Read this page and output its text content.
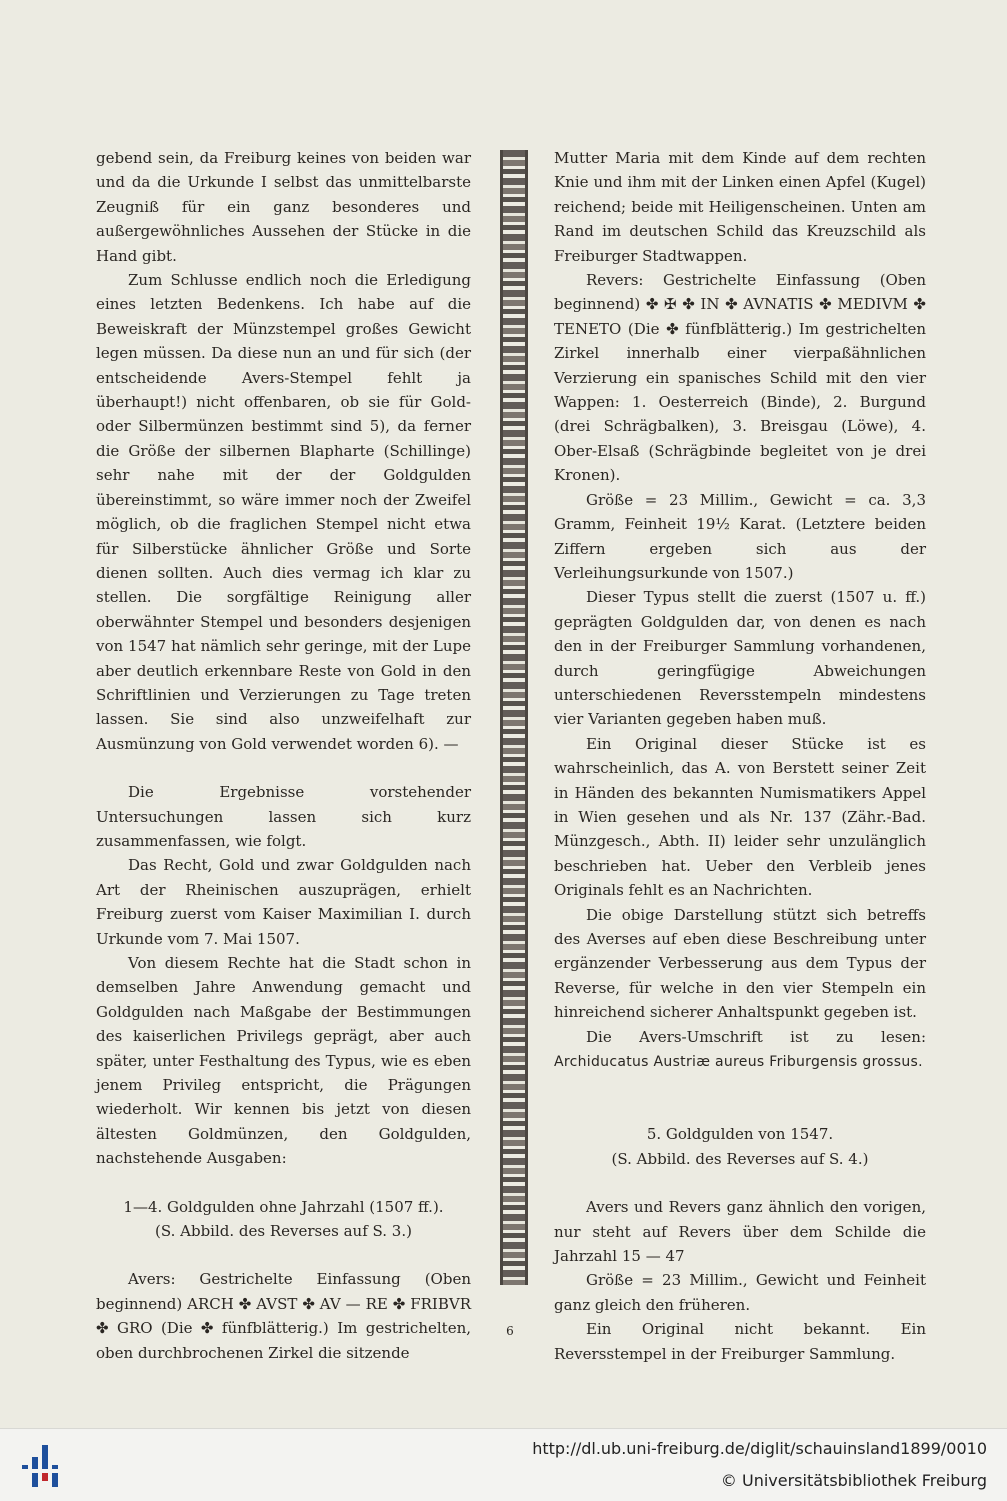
gebend sein, da Freiburg keines von beiden war und da die Urkunde I selbst das unmittelbarste Zeugniß für ein ganz besonderes und außergewöhnliches Aussehen der Stücke in die Hand gibt.

Zum Schlusse endlich noch die Erledigung eines letzten Bedenkens. Ich habe auf die Beweiskraft der Münzstempel großes Gewicht legen müssen. Da diese nun an und für sich (der entscheidende Avers-Stempel fehlt ja überhaupt!) nicht offenbaren, ob sie für Gold- oder Silbermünzen bestimmt sind 5), da ferner die Größe der silbernen Blapharte (Schillinge) sehr nahe mit der der Goldgulden übereinstimmt, so wäre immer noch der Zweifel möglich, ob die fraglichen Stempel nicht etwa für Silberstücke ähnlicher Größe und Sorte dienen sollten. Auch dies vermag ich klar zu stellen. Die sorgfältige Reinigung aller oberwähnter Stempel und besonders desjenigen von 1547 hat nämlich sehr geringe, mit der Lupe aber deutlich erkennbare Reste von Gold in den Schriftlinien und Verzierungen zu Tage treten lassen. Sie sind also unzweifelhaft zur Ausmünzung von Gold verwendet worden 6). —

Die Ergebnisse vorstehender Untersuchungen lassen sich kurz zusammenfassen, wie folgt.

Das Recht, Gold und zwar Goldgulden nach Art der Rheinischen auszuprägen, erhielt Freiburg zuerst vom Kaiser Maximilian I. durch Urkunde vom 7. Mai 1507.

Von diesem Rechte hat die Stadt schon in demselben Jahre Anwendung gemacht und Goldgulden nach Maßgabe der Bestimmungen des kaiserlichen Privilegs geprägt, aber auch später, unter Festhaltung des Typus, wie es eben jenem Privileg entspricht, die Prägungen wiederholt. Wir kennen bis jetzt von diesen ältesten Goldmünzen, den Goldgulden, nachstehende Ausgaben:

1—4. Goldgulden ohne Jahrzahl (1507 ff.).

(S. Abbild. des Reverses auf S. 3.)

Avers: Gestrichelte Einfassung (Oben beginnend) ARCH ✤ AVST ✤ AV — RE ✤ FRIBVR ✤ GRO (Die ✤ fünfblätterig.) Im gestrichelten, oben durchbrochenen Zirkel die sitzende

Mutter Maria mit dem Kinde auf dem rechten Knie und ihm mit der Linken einen Apfel (Kugel) reichend; beide mit Heiligenscheinen. Unten am Rand im deutschen Schild das Kreuzschild als Freiburger Stadtwappen.

Revers: Gestrichelte Einfassung (Oben beginnend) ✤ ✠ ✤ IN ✤ AVNATIS ✤ MEDIVM ✤ TENETO (Die ✤ fünfblätterig.) Im gestrichelten Zirkel innerhalb einer vierpaßähnlichen Verzierung ein spanisches Schild mit den vier Wappen: 1. Oesterreich (Binde), 2. Burgund (drei Schrägbalken), 3. Breisgau (Löwe), 4. Ober-Elsaß (Schrägbinde begleitet von je drei Kronen).

Größe = 23 Millim., Gewicht = ca. 3,3 Gramm, Feinheit 19½ Karat. (Letztere beiden Ziffern ergeben sich aus der Verleihungsurkunde von 1507.)

Dieser Typus stellt die zuerst (1507 u. ff.) geprägten Goldgulden dar, von denen es nach den in der Freiburger Sammlung vorhandenen, durch geringfügige Abweichungen unterschiedenen Reversstempeln mindestens vier Varianten gegeben haben muß.

Ein Original dieser Stücke ist es wahrscheinlich, das A. von Berstett seiner Zeit in Händen des bekannten Numismatikers Appel in Wien gesehen und als Nr. 137 (Zähr.-Bad. Münzgesch., Abth. II) leider sehr unzulänglich beschrieben hat. Ueber den Verbleib jenes Originals fehlt es an Nachrichten.

Die obige Darstellung stützt sich betreffs des Averses auf eben diese Beschreibung unter ergänzender Verbesserung aus dem Typus der Reverse, für welche in den vier Stempeln ein hinreichend sicherer Anhaltspunkt gegeben ist.

Die Avers-Umschrift ist zu lesen: Archiducatus Austriæ aureus Friburgensis grossus.

5. Goldgulden von 1547.

(S. Abbild. des Reverses auf S. 4.)

Avers und Revers ganz ähnlich den vorigen, nur steht auf Revers über dem Schilde die Jahrzahl 15 — 47

Größe = 23 Millim., Gewicht und Feinheit ganz gleich den früheren.

Ein Original nicht bekannt. Ein Reversstempel in der Freiburger Sammlung.

6
http://dl.ub.uni-freiburg.de/diglit/schauinsland1899/0010
© Universitätsbibliothek Freiburg
